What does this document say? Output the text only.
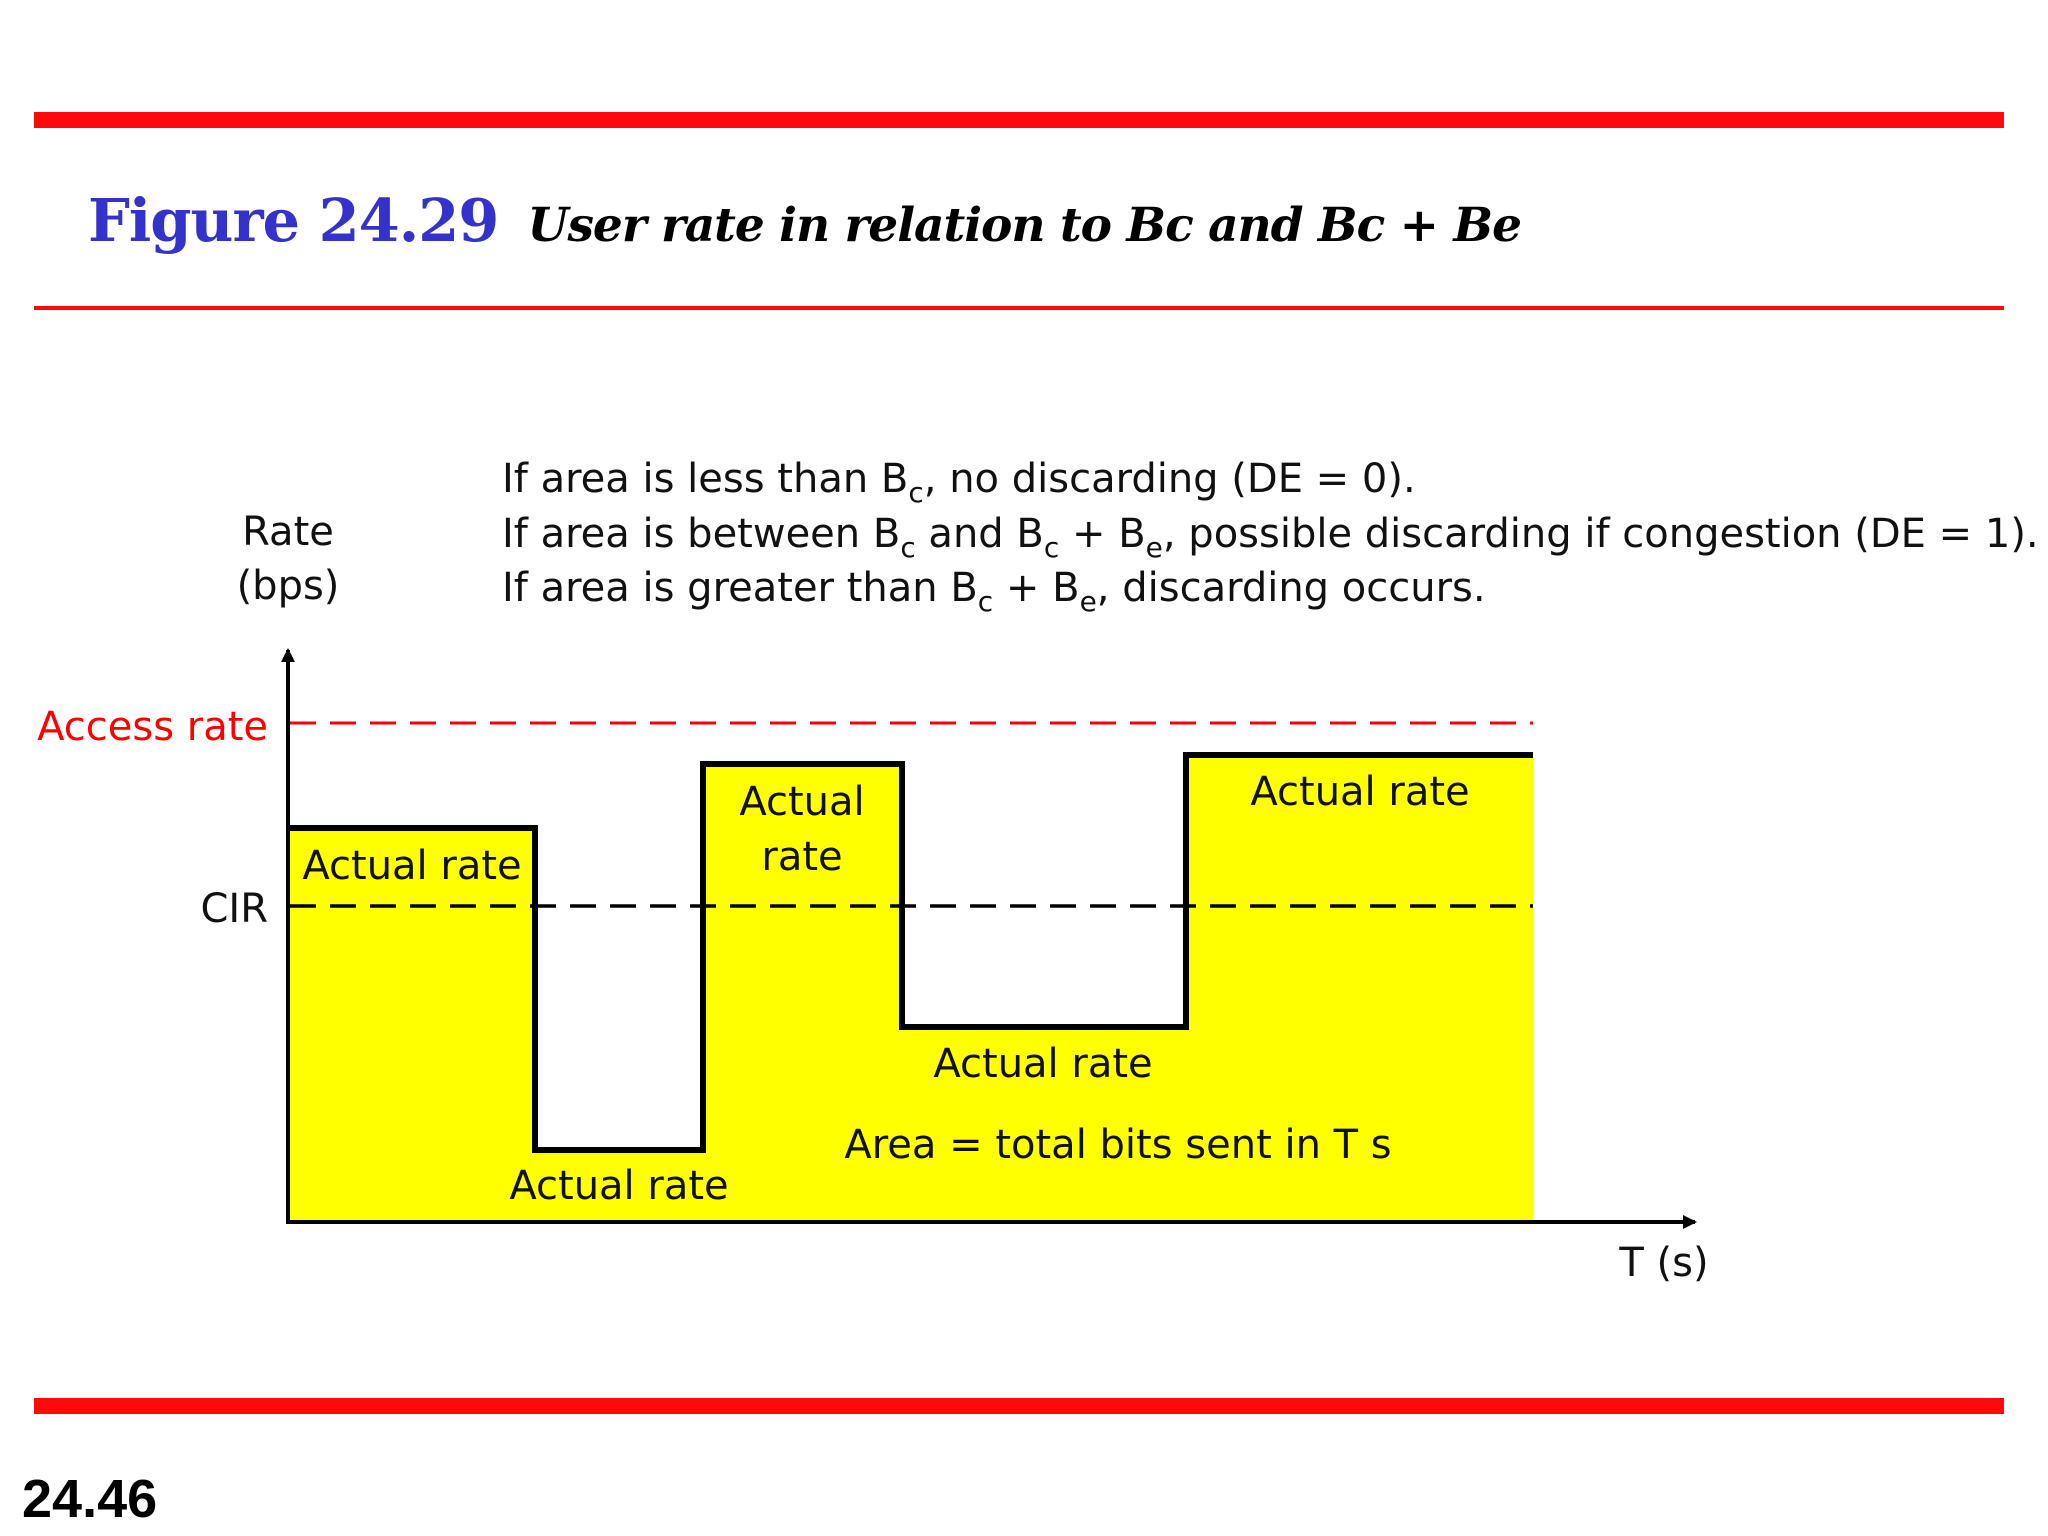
Figure 24.29 User rate in relation to Bc and Bc + Be
Rate
(bps)
T (s)
Access rate
CIR
Actual rate
Actual rate
Actual
rate
Actual rate
Actual rate
Area = total bits sent in T s
If area is less than $B_c$, no discarding (DE = 0).
If area is between $B_c$ and $B_c + B_e$, possible discarding if congestion (DE = 1).
If area is greater than $B_c + B_e$, discarding occurs.
24.46
